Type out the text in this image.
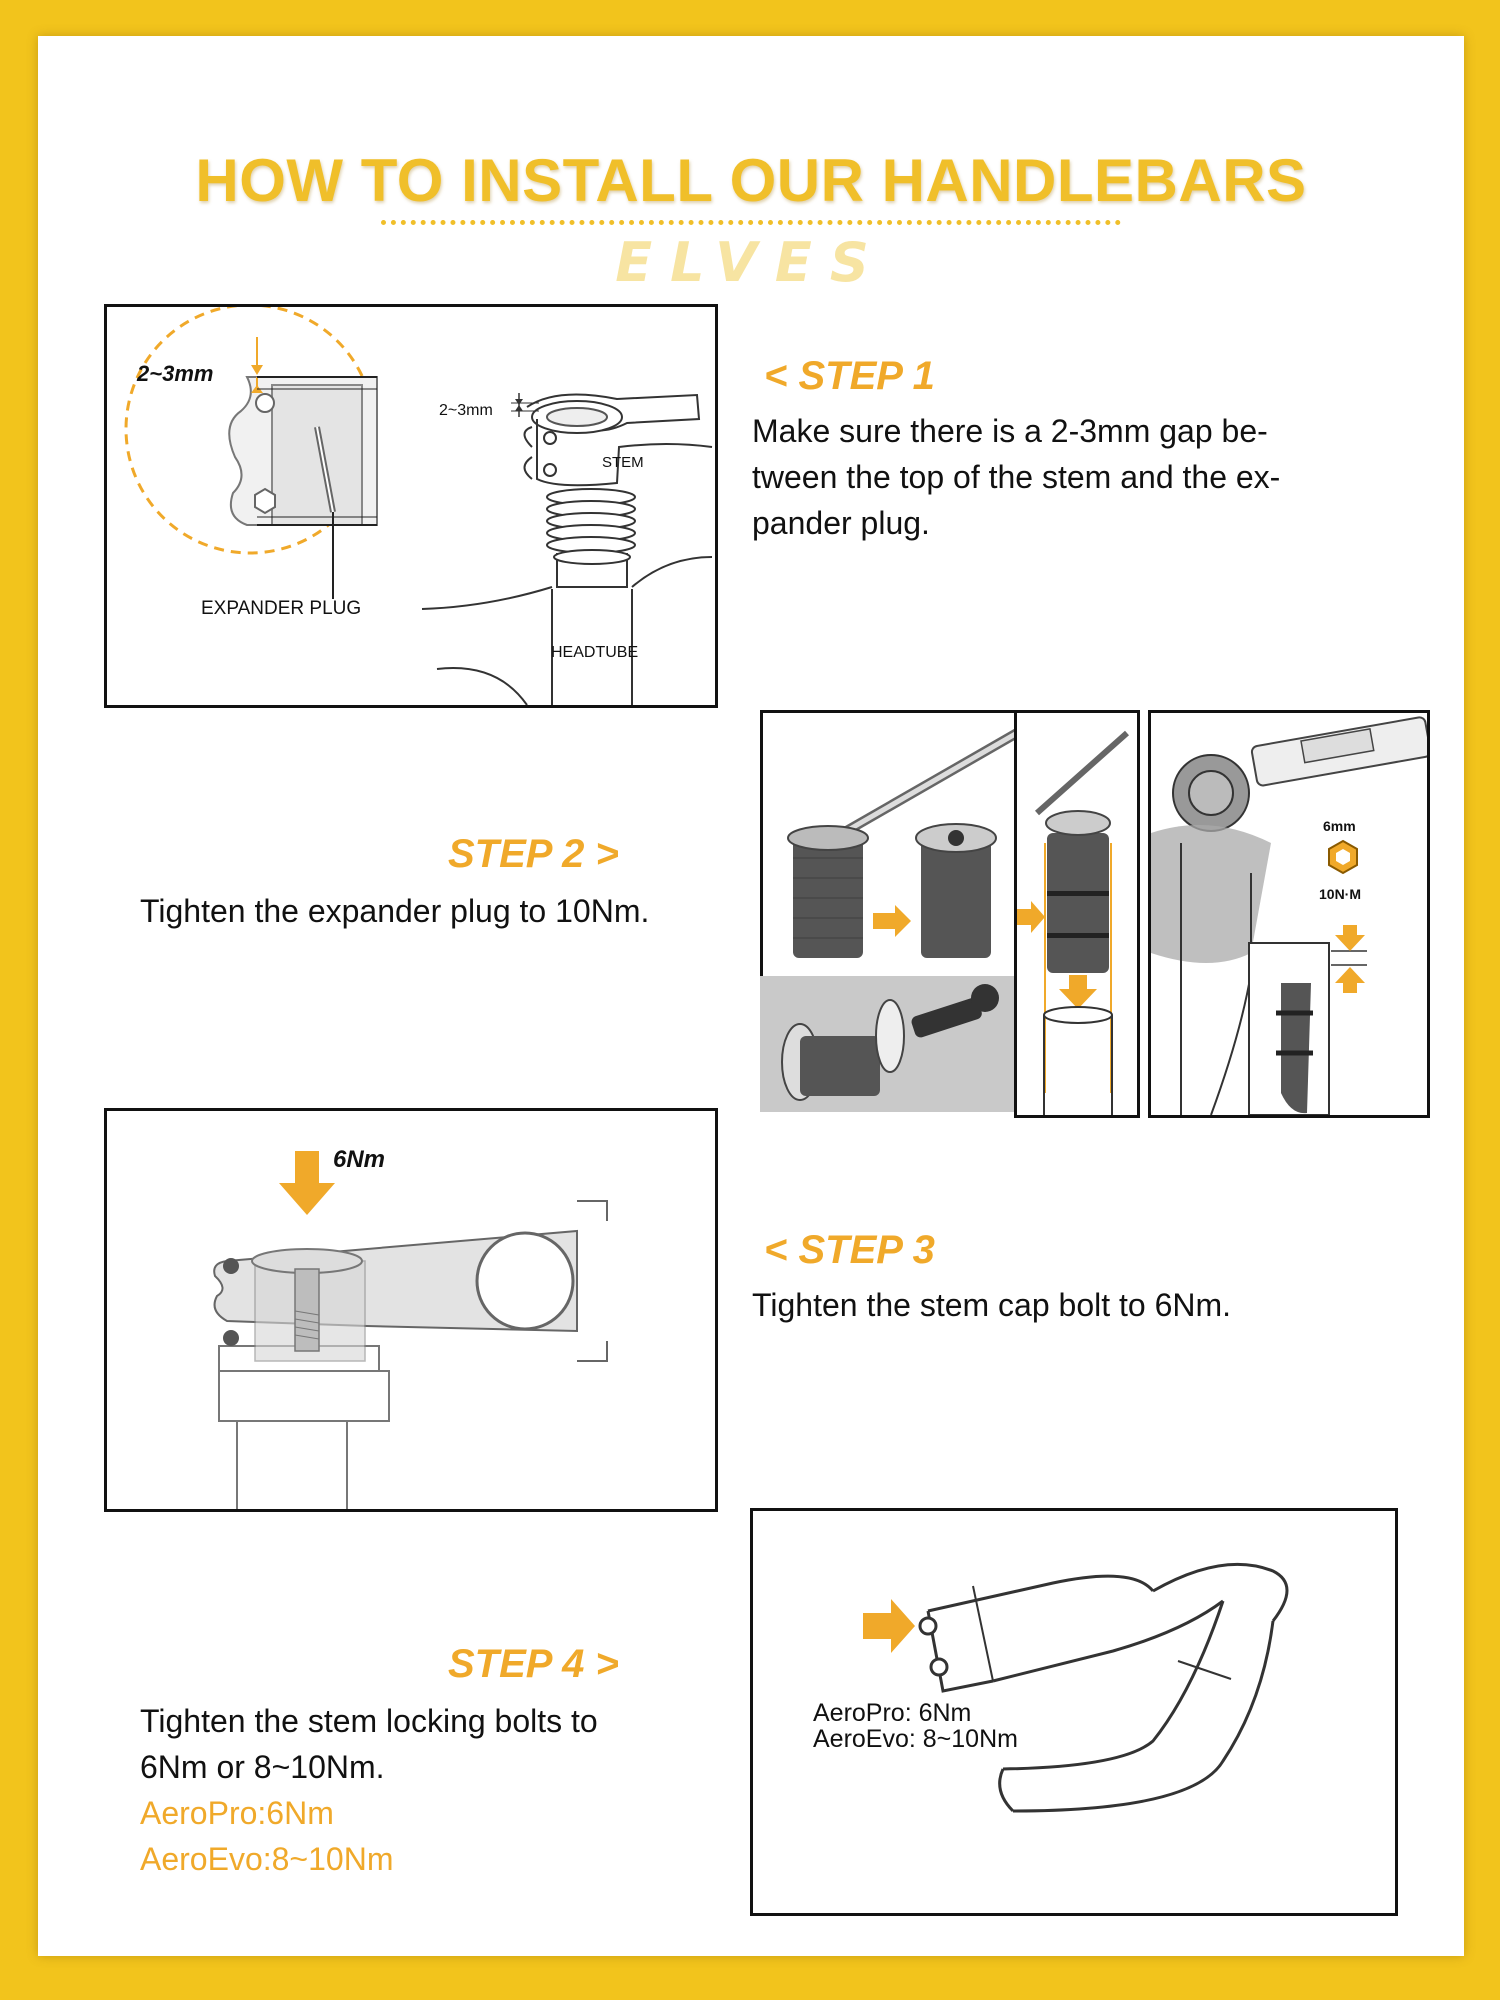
HOW TO INSTALL OUR HANDLEBARS
ELVES
2~3mm
EXPANDER PLUG
STEM
HEADTUBE
2~3mm
< STEP 1
Make sure there is a 2-3mm gap be-
tween the top of the stem and the ex-
pander plug.
STEP 2 >
Tighten the expander plug to 10Nm.
6mm
10N·M
6Nm
< STEP 3
Tighten the stem cap bolt to 6Nm.
STEP 4 >
Tighten the stem locking bolts to
6Nm or 8~10Nm.
AeroPro:6Nm
AeroEvo:8~10Nm
AeroPro: 6Nm
AeroEvo: 8~10Nm
